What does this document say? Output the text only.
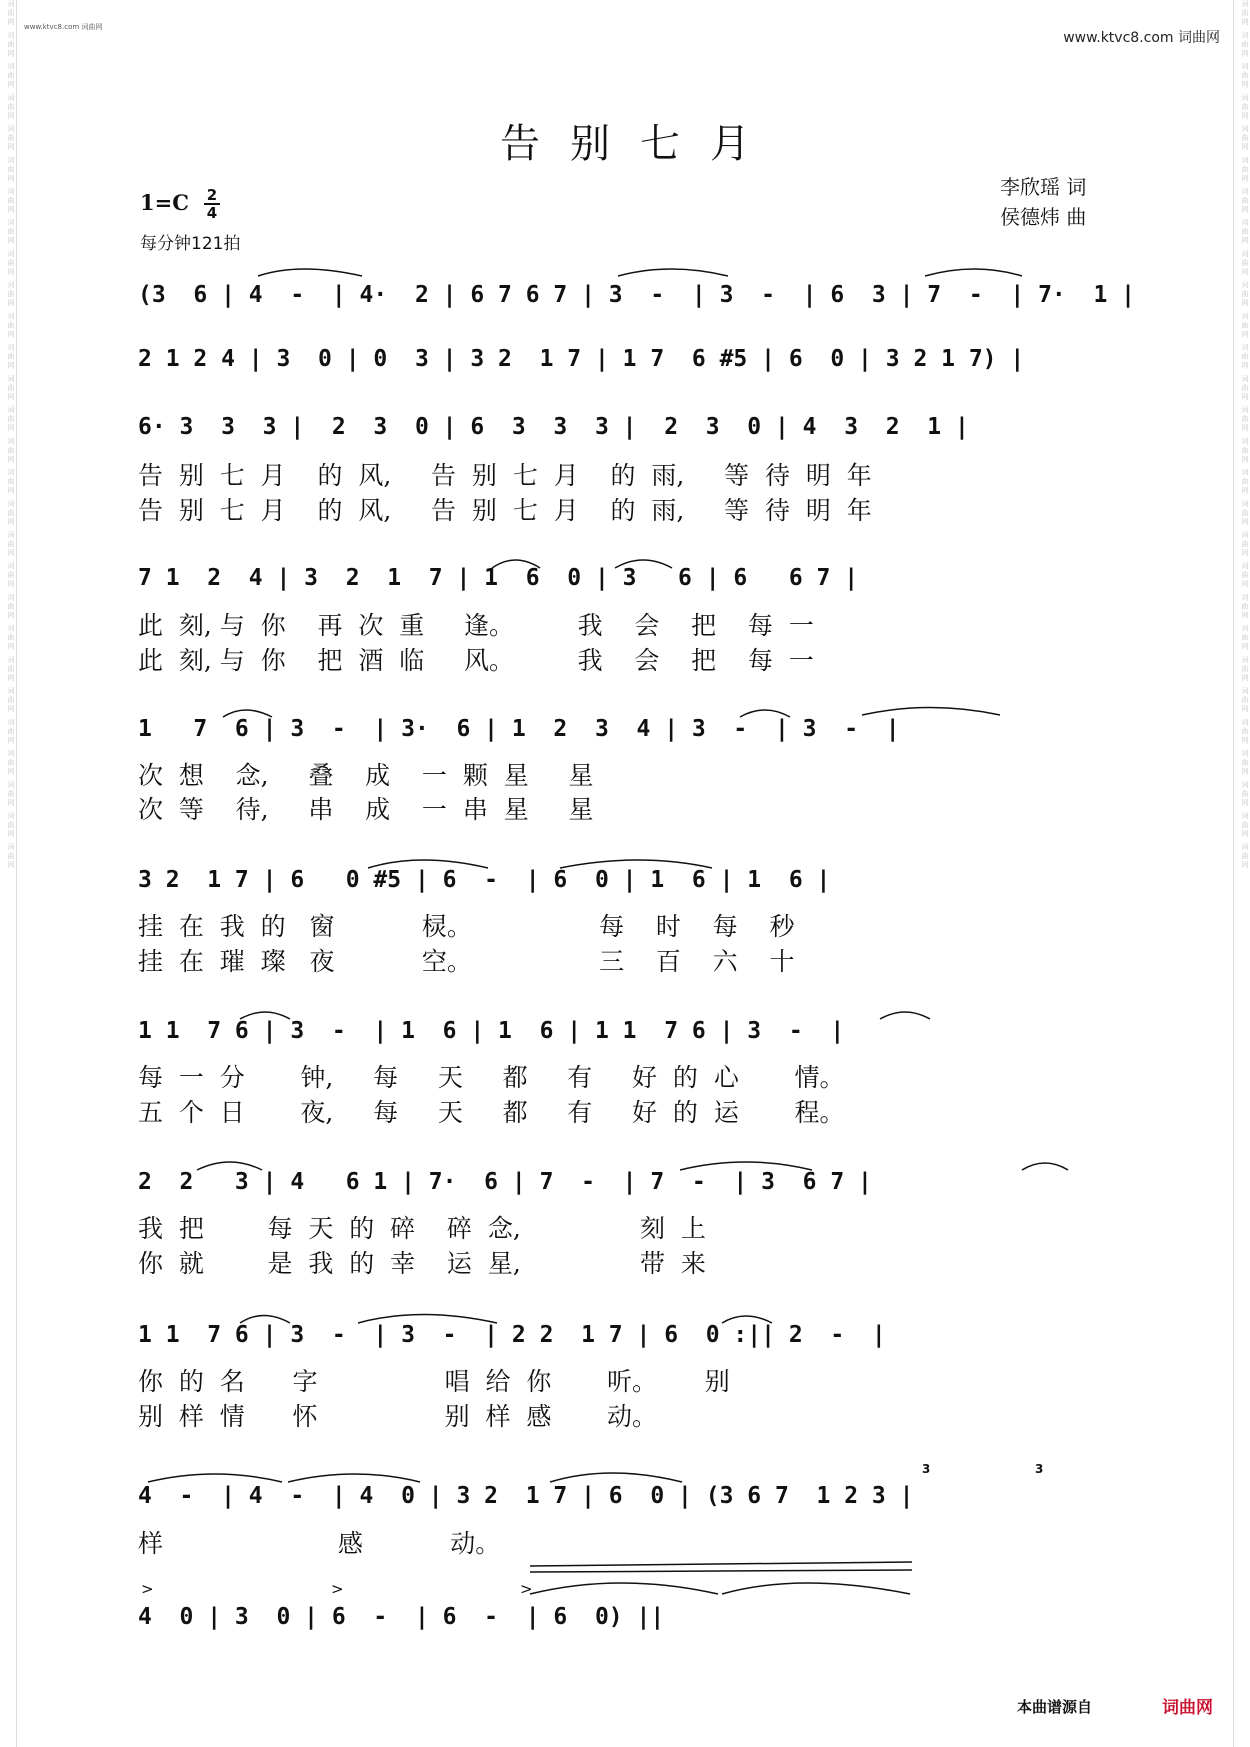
词曲网 词曲网 词曲网 词曲网 词曲网 词曲网 词曲网 词曲网 词曲网 词曲网 词曲网 词曲网 词曲网 词曲网 词曲网 词曲网 词曲网 词曲网 词曲网 词曲网 词曲网 词曲网 词曲网 词曲网 词曲网 词曲网 词曲网 词曲网	词曲网 词曲网 词曲网 词曲网 词曲网 词曲网 词曲网 词曲网 词曲网 词曲网 词曲网 词曲网 词曲网 词曲网 词曲网 词曲网 词曲网 词曲网 词曲网 词曲网 词曲网 词曲网 词曲网 词曲网 词曲网 词曲网 词曲网 词曲网
www.ktvc8.com 词曲网
www.ktvc8.com 词曲网
告别七月
1=C 2
4
每分钟121拍
李欣瑶 词
侯德炜 曲
(3  6 | 4  -  | 4·  2 | 6 7 6 7 | 3  -  | 3  -  | 6  3 | 7  -  | 7·  1 |
2 1 2 4 | 3  0 | 0  3 | 3 2  1 7 | 1 7  6 #5 | 6  0 | 3 2 1 7) |
6· 3  3  3 |  2  3  0 | 6  3  3  3 |  2  3  0 | 4  3  2  1 |
告  别  七  月    的  风,     告  别  七  月    的  雨,     等  待  明  年
告  别  七  月    的  风,     告  别  七  月    的  雨,     等  待  明  年
7 1  2  4 | 3  2  1  7 | 1  6  0 | 3   6 | 6   6 7 |
此  刻, 与  你    再  次  重     逢。        我    会    把    每  一
此  刻, 与  你    把  酒  临     风。        我    会    把    每  一
1   7  6 | 3  -  | 3·  6 | 1  2  3  4 | 3  -  | 3  -  |
次  想    念,     叠    成    一  颗  星     星
次  等    待,     串    成    一  串  星     星
3 2  1 7 | 6   0 #5 | 6  -  | 6  0 | 1  6 | 1  6 |
挂  在  我  的   窗           棂。                每    时    每    秒
挂  在  璀  璨   夜           空。                三    百    六    十
1 1  7 6 | 3  -  | 1  6 | 1  6 | 1 1  7 6 | 3  -  |
每  一  分       钟,     每     天     都     有     好  的  心       情。
五  个  日       夜,     每     天     都     有     好  的  运       程。
2  2   3 | 4   6 1 | 7·  6 | 7  -  | 7  -  | 3  6 7 |
我  把        每  天  的  碎    碎  念,               刻  上
你  就        是  我  的  幸    运  星,               带  来
1 1  7 6 | 3  -  | 3  -  | 2 2  1 7 | 6  0 :|| 2  -  |
你  的  名      字                唱  给  你       听。      别
别  样  情      怀                别  样  感       动。
4  -  | 4  -  | 4  0 | 3 2  1 7 | 6  0 | (3 6 7  1 2 3 |
样                      感           动。
3	3
4  0 | 3  0 | 6  -  | 6  -  | 6  0) ||
>	>	>
本曲谱源自	词曲网
